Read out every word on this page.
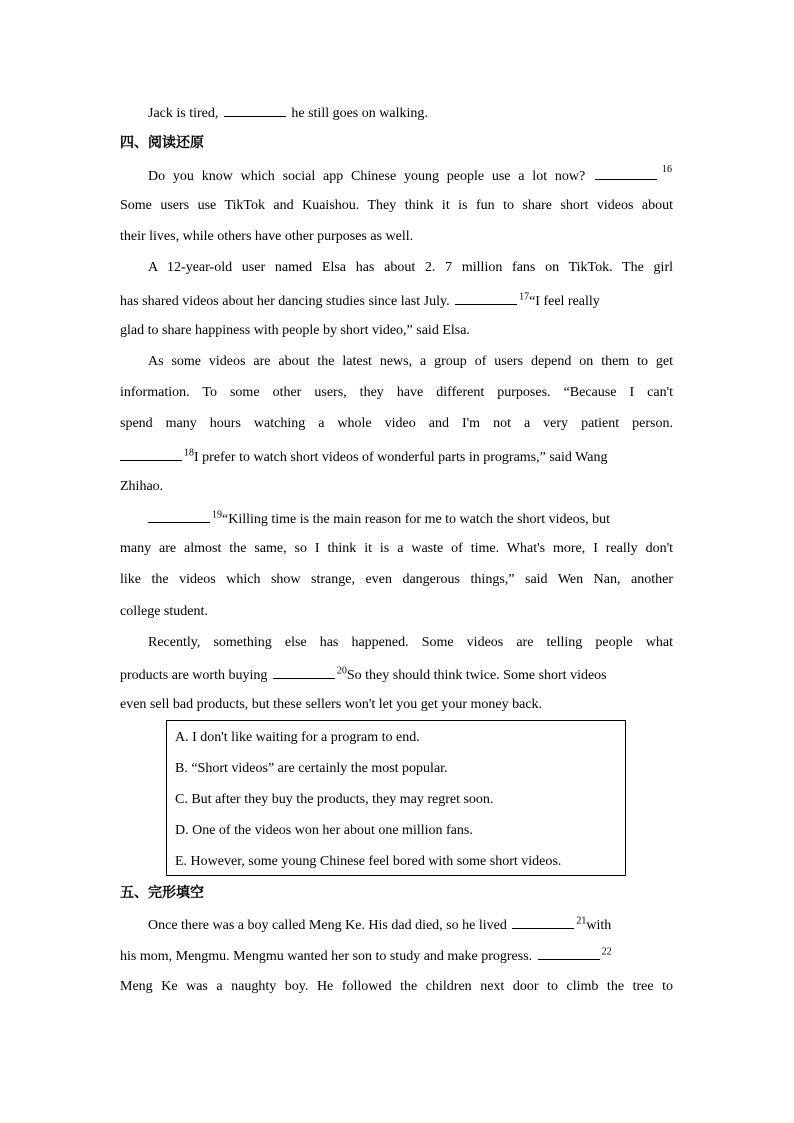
Jack is tired,	he still goes on walking.
四、阅读还原
Do you know which social app Chinese young people use a lot now?	16
Some users use TikTok and Kuaishou. They think it is fun to share short videos about
their lives, while others have other purposes as well.
A 12-year-old user named Elsa has about 2. 7 million fans on TikTok. The girl
has shared videos about her dancing studies since last July.	$^{17}$“I feel really
glad to share happiness with people by short video,” said Elsa.
As some videos are about the latest news, a group of users depend on them to get
information. To some other users, they have different purposes. “Because I can't
spend many hours watching a whole video and I'm not a very patient person.
$^{18}$I prefer to watch short videos of wonderful parts in programs,” said Wang
Zhihao.
$^{19}$“Killing time is the main reason for me to watch the short videos, but
many are almost the same, so I think it is a waste of time. What's more, I really don't
like the videos which show strange, even dangerous things,” said Wen Nan, another
college student.
Recently, something else has happened. Some videos are telling people what
products are worth buying	$^{20}$So they should think twice. Some short videos
even sell bad products, but these sellers won't let you get your money back.
A. I don't like waiting for a program to end.
B. “Short videos” are certainly the most popular.
C. But after they buy the products, they may regret soon.
D. One of the videos won her about one million fans.
E. However, some young Chinese feel bored with some short videos.
五、完形填空
Once there was a boy called Meng Ke. His dad died, so he lived	$^{21}$with
his mom, Mengmu. Mengmu wanted her son to study and make progress.	$^{22}$
Meng Ke was a naughty boy. He followed the children next door to climb the tree to
